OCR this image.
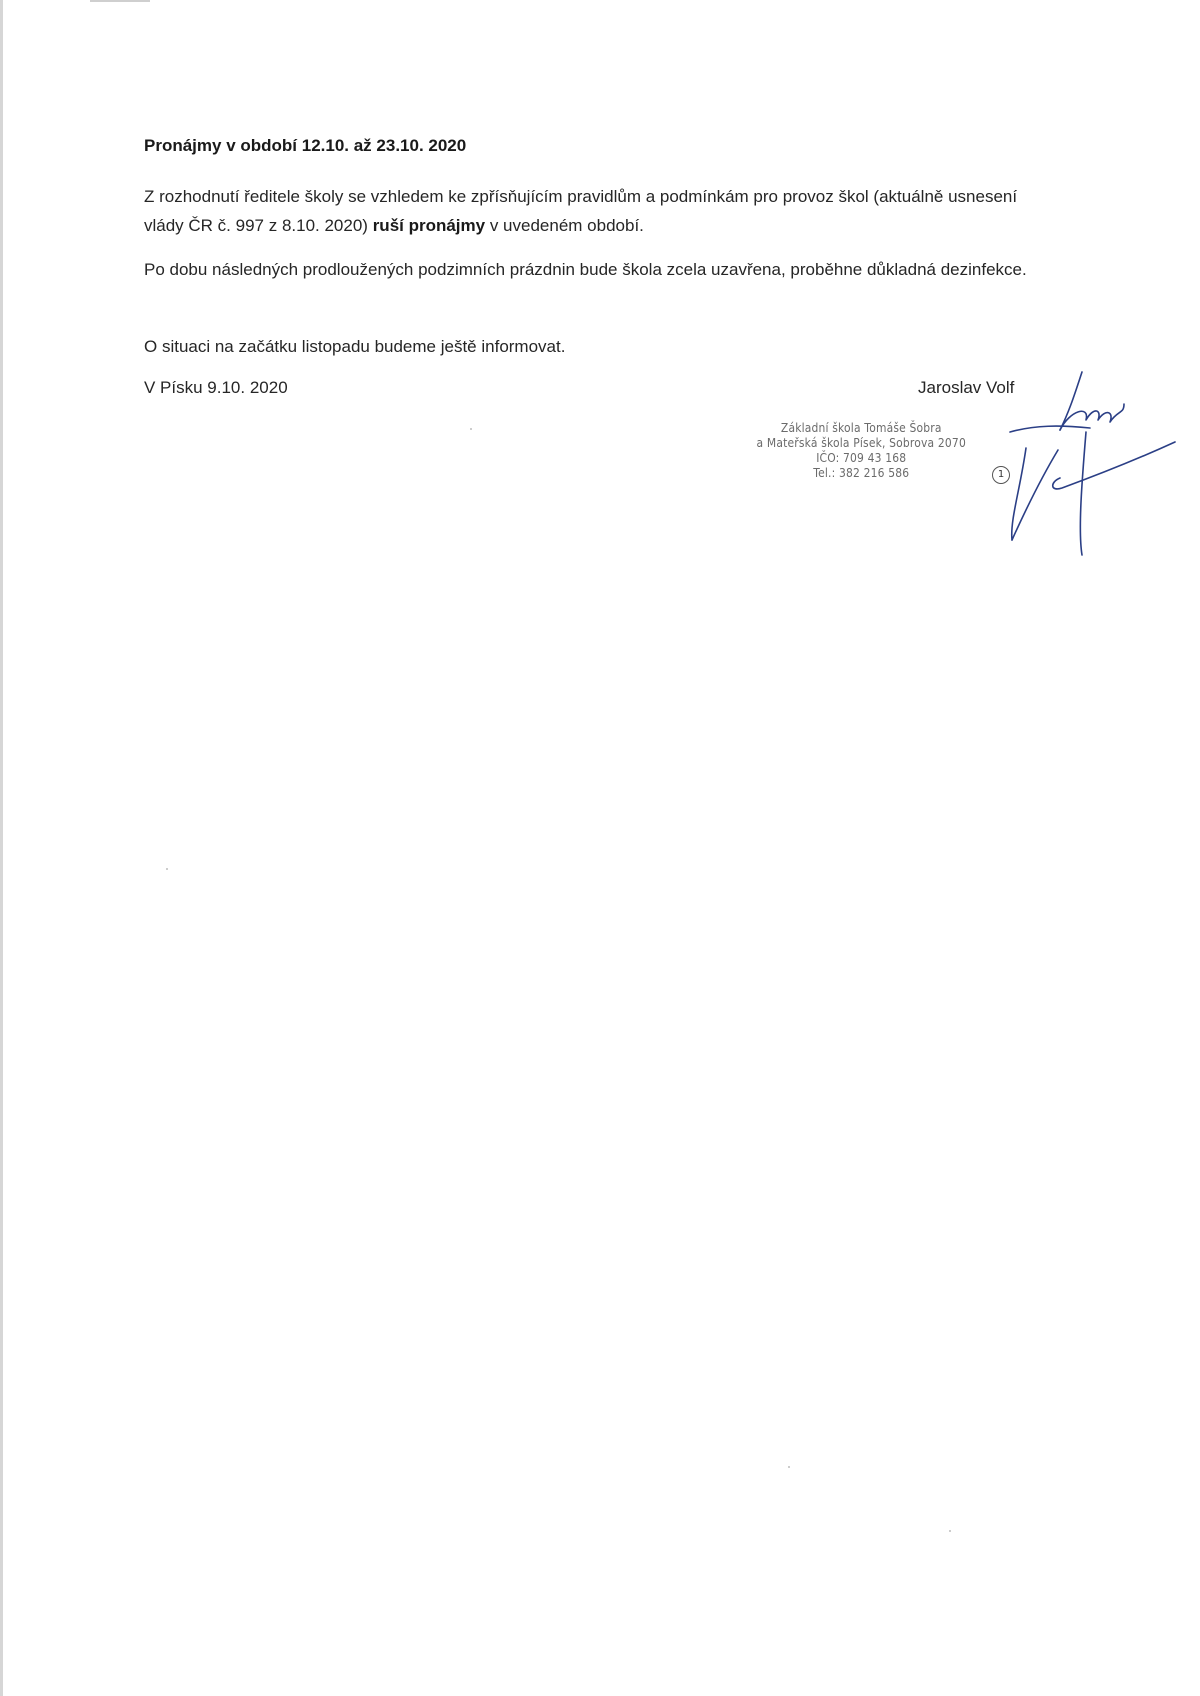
Pronájmy v období 12.10. až 23.10. 2020
Z rozhodnutí ředitele školy se vzhledem ke zpřísňujícím pravidlům a podmínkám pro provoz škol (aktuálně usnesení vlády ČR č. 997 z 8.10. 2020) ruší pronájmy v uvedeném období.
Po dobu následných prodloužených podzimních prázdnin bude škola zcela uzavřena, proběhne důkladná dezinfekce.
O situaci na začátku listopadu budeme ještě informovat.
V Písku 9.10. 2020	Jaroslav Volf
Základní škola Tomáše Šobra
a Mateřská škola Písek, Sobrova 2070
IČO: 709 43 168
Tel.: 382 216 586	1
